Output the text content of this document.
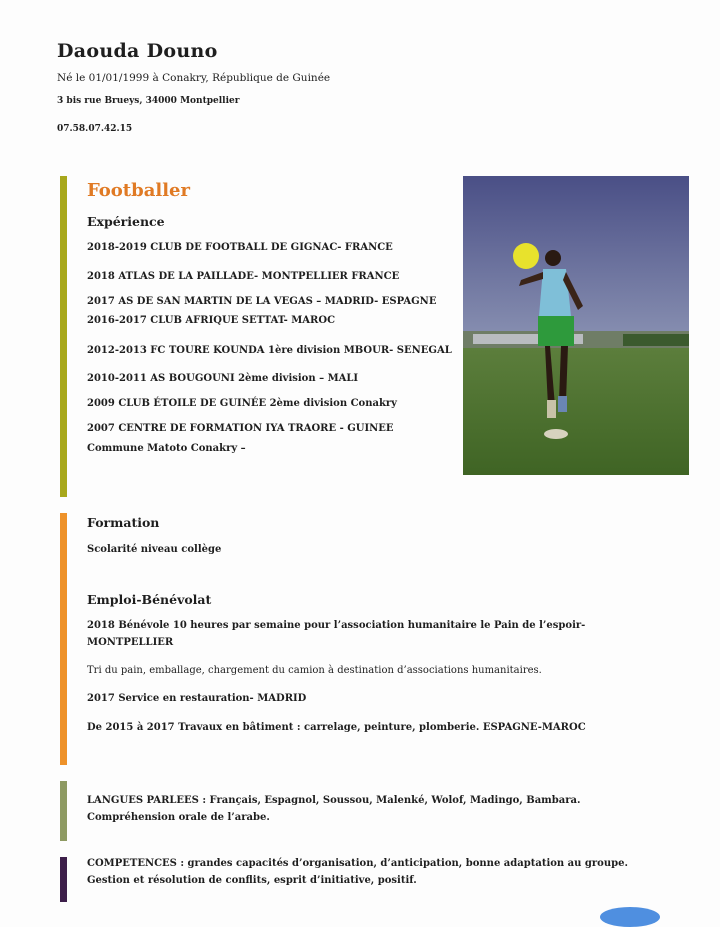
Daouda Douno
Né le 01/01/1999 à Conakry, République de Guinée
3 bis rue Brueys, 34000 Montpellier
07.58.07.42.15
Footballer
Expérience
2018-2019 CLUB DE FOOTBALL DE GIGNAC- FRANCE
2018 ATLAS DE LA PAILLADE- MONTPELLIER FRANCE
2017 AS DE SAN MARTIN DE LA VEGAS – MADRID- ESPAGNE
2016-2017 CLUB AFRIQUE SETTAT- MAROC
2012-2013 FC TOURE KOUNDA 1ère division MBOUR- SENEGAL
2010-2011 AS BOUGOUNI 2ème division – MALI
2009 CLUB ÉTOILE DE GUINÉE 2ème division Conakry
2007 CENTRE DE FORMATION IYA TRAORE - GUINEE
Commune Matoto Conakry –
Formation
Scolarité niveau collège
Emploi-Bénévolat
2018 Bénévole 10 heures par semaine pour l’association humanitaire le Pain de l’espoir- MONTPELLIER
Tri du pain, emballage, chargement du camion à destination d’associations humanitaires.
2017 Service en restauration- MADRID
De 2015 à 2017 Travaux en bâtiment : carrelage, peinture, plomberie. ESPAGNE-MAROC
LANGUES PARLEES : Français, Espagnol, Soussou, Malenké, Wolof, Madingo, Bambara. Compréhension orale de l’arabe.
COMPETENCES : grandes capacités d’organisation, d’anticipation, bonne adaptation au groupe. Gestion et résolution de conflits, esprit d’initiative, positif.
